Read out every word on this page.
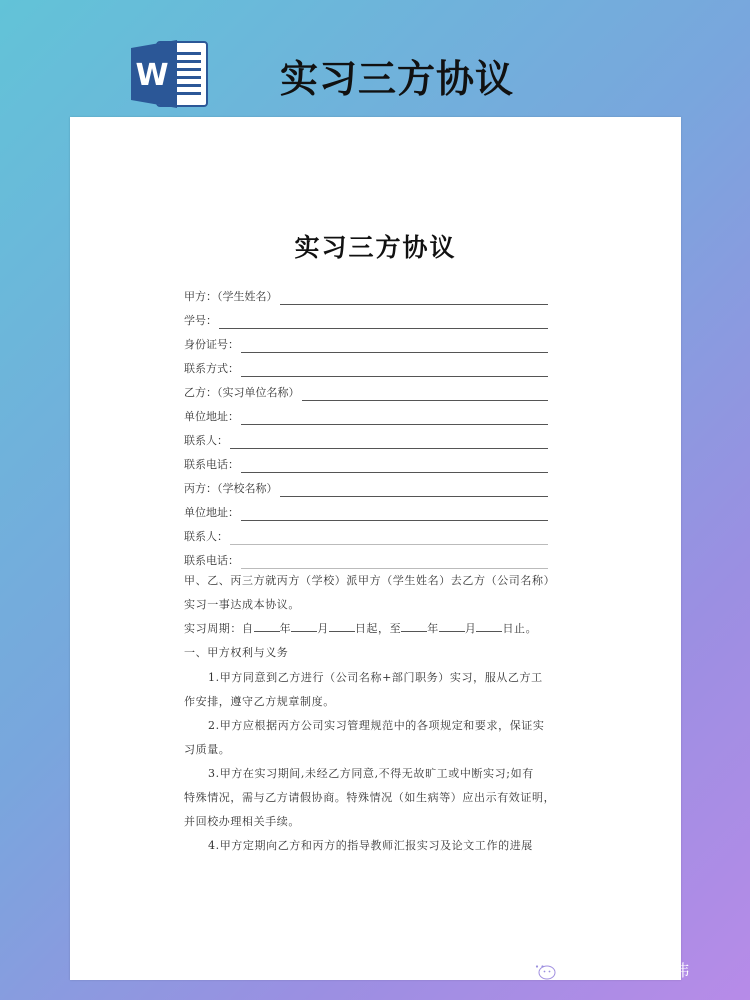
W	实习三方协议
实习三方协议
甲方：（学生姓名）
学号：
身份证号：
联系方式：
乙方：（实习单位名称）
单位地址：
联系人：
联系电话：
丙方：（学校名称）
单位地址：
联系人：
联系电话：
甲、乙、丙三方就丙方（学校）派甲方（学生姓名）去乙方（公司名称）
实习一事达成本协议。
实习周期：自 年 月 日起，至 年 月 日止。
一、甲方权利与义务
1.甲方同意到乙方进行（公司名称+部门职务）实习，服从乙方工
作安排，遵守乙方规章制度。
2.甲方应根据丙方公司实习管理规范中的各项规定和要求，保证实
习质量。
3.甲方在实习期间,未经乙方同意,不得无故旷工或中断实习;如有
特殊情况，需与乙方请假协商。特殊情况（如生病等）应出示有效证明，
并回校办理相关手续。
4.甲方定期向乙方和丙方的指导教师汇报实习及论文工作的进展
公众号 · 模板阿伟
